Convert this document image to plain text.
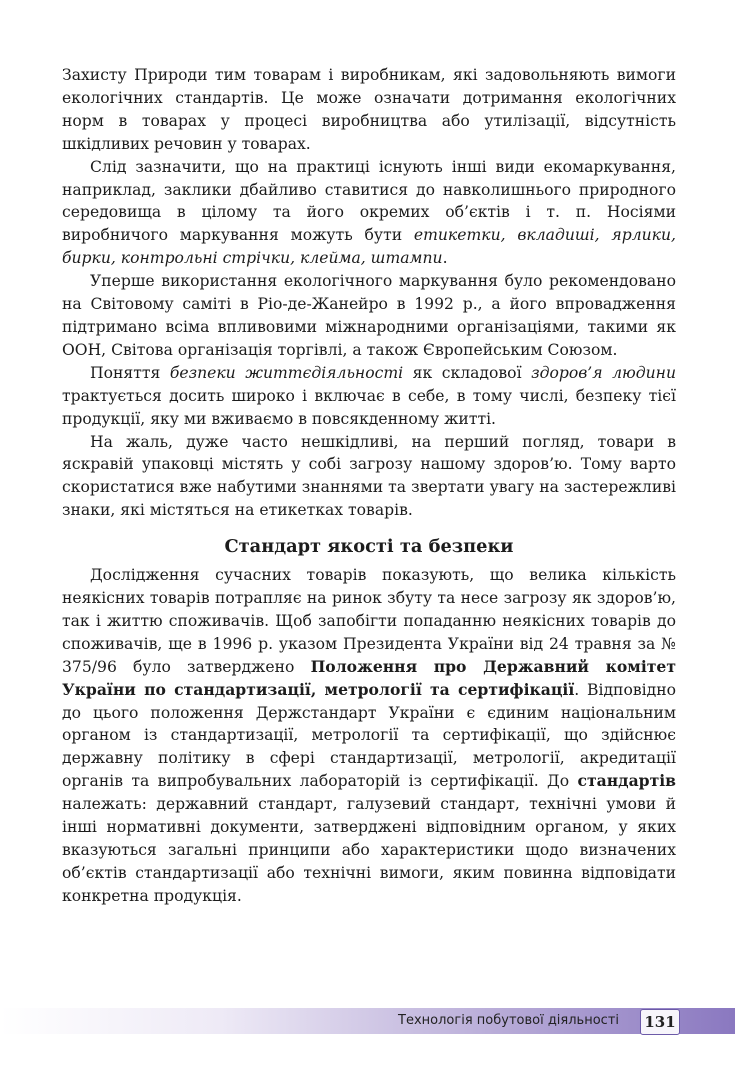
Захисту Природи тим товарам і виробникам, які задовольняють вимоги екологічних стандартів. Це може означати дотримання екологічних норм в товарах у процесі виробництва або утилізації, відсутність шкідливих речовин у товарах.

Слід зазначити, що на практиці існують інші види екомаркування, наприклад, заклики дбайливо ставитися до навколишнього природного середовища в цілому та його окремих об’єктів і т. п. Носіями виробничого маркування можуть бути етикетки, вкладиші, ярлики, бирки, контрольні стрічки, клейма, штампи.

Уперше використання екологічного маркування було рекомендовано на Світовому саміті в Ріо-де-Жанейро в 1992 р., а його впровадження підтримано всіма впливовими міжнародними організаціями, такими як ООН, Світова організація торгівлі, а також Європейським Союзом.

Поняття безпеки життєдіяльності як складової здоров’я людини трактується досить широко і включає в себе, в тому числі, безпеку тієї продукції, яку ми вживаємо в повсякденному житті.

На жаль, дуже часто нешкідливі, на перший погляд, товари в яскравій упаковці містять у собі загрозу нашому здоров’ю. Тому варто скористатися вже набутими знаннями та звертати увагу на застережливі знаки, які містяться на етикетках товарів.

Стандарт якості та безпеки

Дослідження сучасних товарів показують, що велика кількість неякісних товарів потрапляє на ринок збуту та несе загрозу як здоров’ю, так і життю споживачів. Щоб запобігти попаданню неякісних товарів до споживачів, ще в 1996 р. указом Президента України від 24 травня за № 375/96 було затверджено Положення про Державний комітет України по стандартизації, метрології та сертифікації. Відповідно до цього положення Держстандарт України є єдиним національним органом із стандартизації, метрології та сертифікації, що здійснює державну політику в сфері стандартизації, метрології, акредитації органів та випробувальних лабораторій із сертифікації. До стандартів належать: державний стандарт, галузевий стандарт, технічні умови й інші нормативні документи, затверджені відповідним органом, у яких вказуються загальні принципи або характеристики щодо визначених об’єктів стандартизації або технічні вимоги, яким повинна відповідати конкретна продукція.

Технологія побутової діяльності 131
